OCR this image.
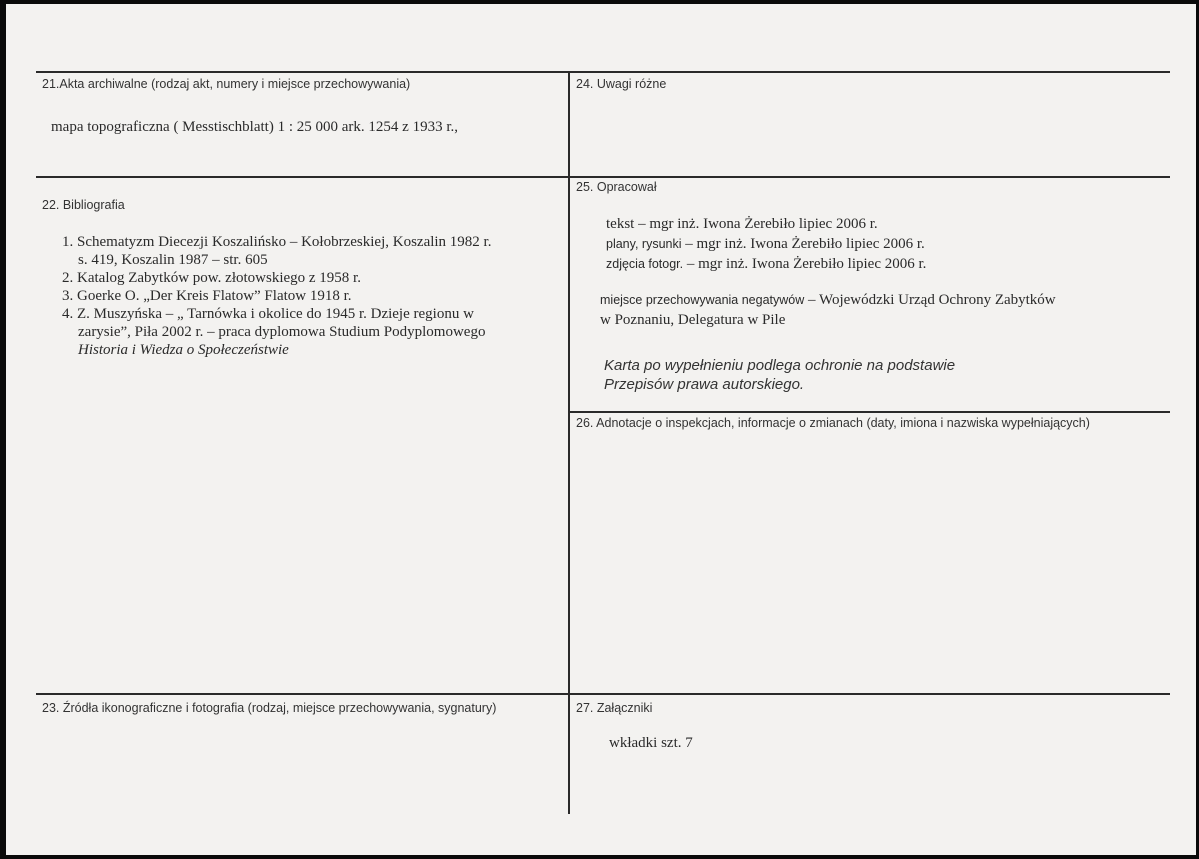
21.Akta archiwalne (rodzaj akt, numery i miejsce przechowywania)
mapa topograficzna ( Messtischblatt) 1 : 25 000 ark. 1254 z 1933 r.,
24. Uwagi różne
22. Bibliografia
1. Schematyzm Diecezji Koszalińsko – Kołobrzeskiej, Koszalin 1982 r.
s. 419, Koszalin 1987 – str. 605
2. Katalog Zabytków pow. złotowskiego z 1958 r.
3. Goerke O. „Der Kreis Flatow” Flatow 1918 r.
4. Z. Muszyńska – „ Tarnówka i okolice do 1945 r. Dzieje regionu w
zarysie”, Piła 2002 r. – praca dyplomowa Studium Podyplomowego
Historia i Wiedza o Społeczeństwie
25. Opracował
tekst – mgr inż. Iwona Żerebiło lipiec 2006 r.
plany, rysunki – mgr inż. Iwona Żerebiło lipiec 2006 r.
zdjęcia fotogr. – mgr inż. Iwona Żerebiło lipiec 2006 r.
miejsce przechowywania negatywów – Wojewódzki Urząd Ochrony Zabytków
w Poznaniu, Delegatura w Pile
Karta po wypełnieniu podlega ochronie na podstawie
Przepisów prawa autorskiego.
26. Adnotacje o inspekcjach, informacje o zmianach (daty, imiona i nazwiska wypełniających)
23. Źródła ikonograficzne i fotografia (rodzaj, miejsce przechowywania, sygnatury)	27. Załączniki
wkładki szt. 7
